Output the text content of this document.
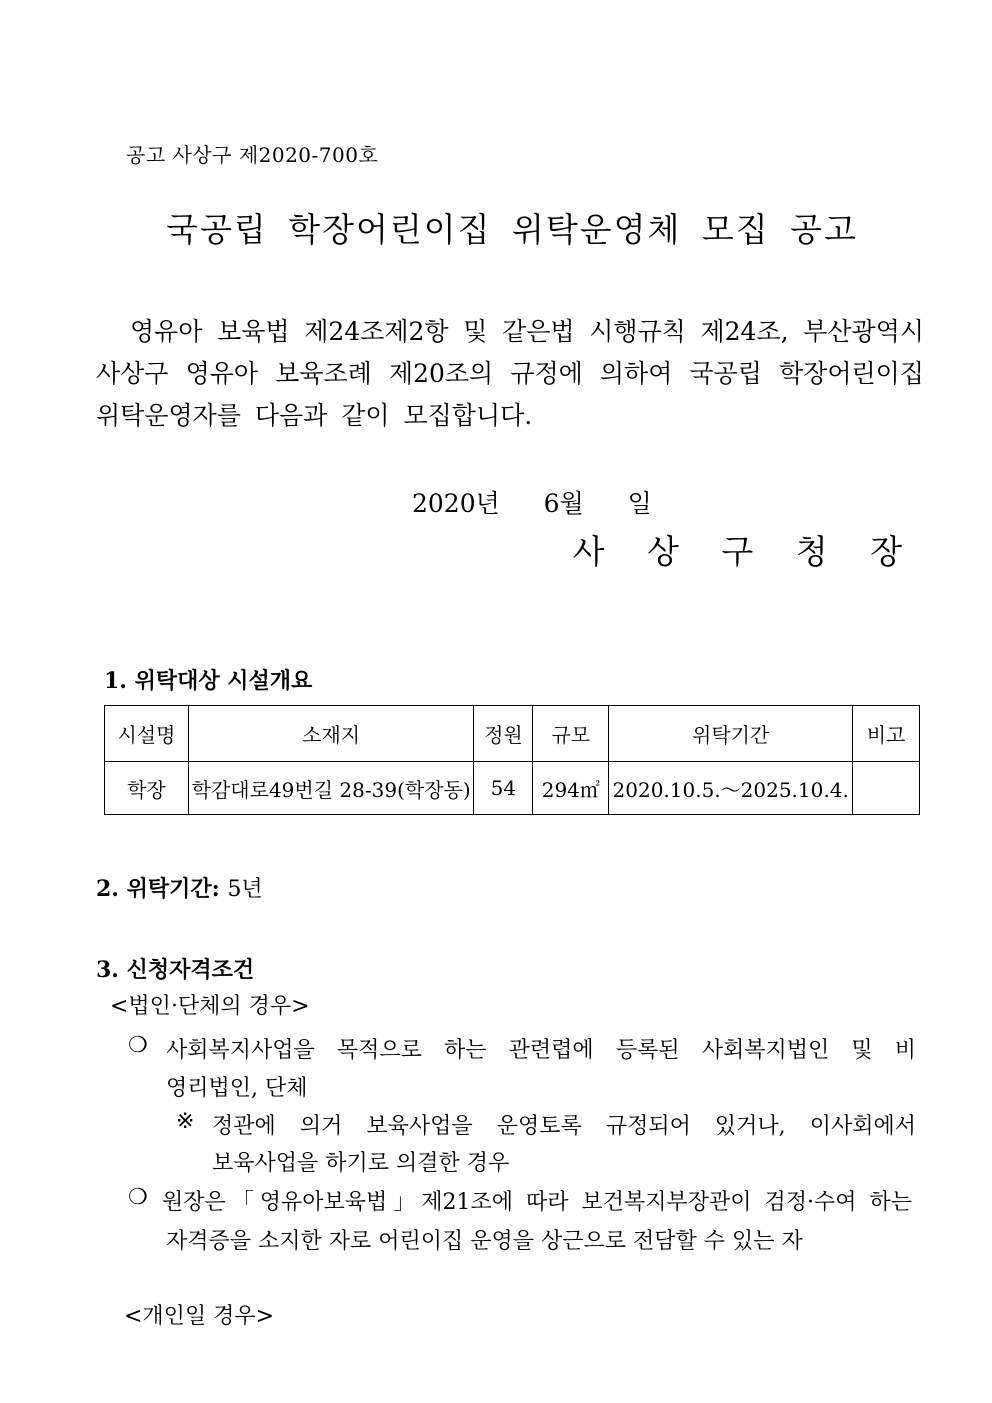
공고 사상구 제2020-700호
국공립 학장어린이집 위탁운영체 모집 공고
영유아 보육법 제24조제2항 및 같은법 시행규칙 제24조, 부산광역시
사상구 영유아 보육조례 제20조의 규정에 의하여 국공립 학장어린이집
위탁운영자를 다음과 같이 모집합니다.
2020년  6월  일
사 상 구 청 장
1. 위탁대상 시설개요
시설명	소재지	정원	규모	위탁기간	비고
학장	학감대로49번길 28-39(학장동)	54	294㎡	2020.10.5.～2025.10.4.	
2. 위탁기간: 5년
3. 신청자격조건
<법인·단체의 경우>
❍ 사회복지사업을 목적으로 하는 관련렵에 등록된 사회복지법인 및 비
영리법인, 단체
※ 정관에 의거 보육사업을 운영토록 규정되어 있거나, 이사회에서
보육사업을 하기로 의결한 경우
❍ 원장은「영유아보육법」제21조에 따라 보건복지부장관이 검정·수여 하는
자격증을 소지한 자로 어린이집 운영을 상근으로 전담할 수 있는 자
<개인일 경우>
